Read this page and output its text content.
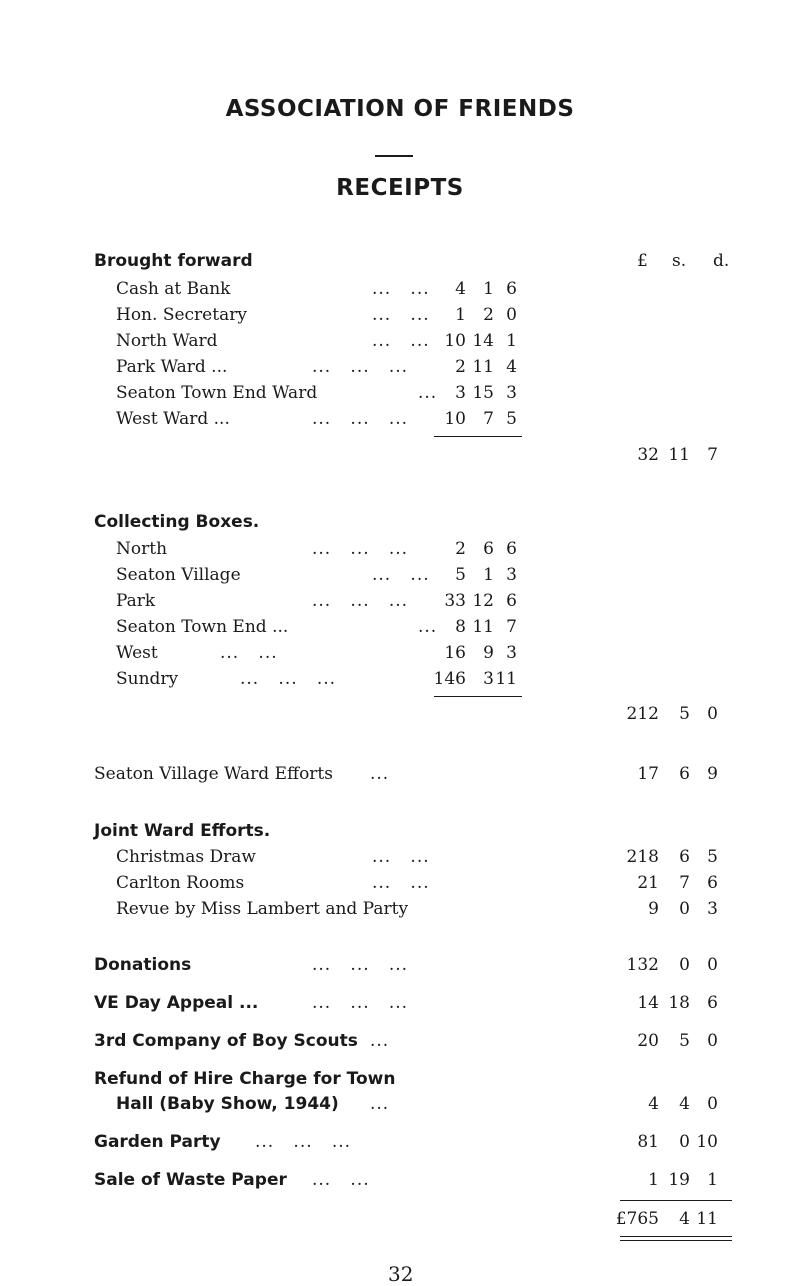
ASSOCIATION OF FRIENDS
RECEIPTS
£ s. d.
Brought forward
Cash at Bank	...   ... 4 1 6
Hon. Secretary	...   ... 1 2 0
North Ward	...   ... 10 14 1
Park Ward ...	...   ...   ...	2 11 4
Seaton Town End Ward	... 3 15 3
West Ward ...	...   ...   ... 10 7 5
32 11 7
Collecting Boxes.
North	...   ...   ...	2 6 6
Seaton Village	...   ... 5 1 3
Park	...   ...   ... 33 12 6
Seaton Town End ...	... 8 11 7
West	...   ...	16 9 3
Sundry	...   ...   ...	146 3 11
212 5 0
Seaton Village Ward Efforts ...	17 6 9
Joint Ward Efforts.
Christmas Draw	...   ...	218 6 5
Carlton Rooms	...   ...	21 7 6
Revue by Miss Lambert and Party	9 0 3
Donations	...   ...   ...	132 0 0
VE Day Appeal ...	...   ...   ...	14 18 6
3rd Company of Boy Scouts ...	20 5 0
Refund of Hire Charge for Town
Hall (Baby Show, 1944) ...	4 4 0
Garden Party ...   ...   ...	81 0 10
Sale of Waste Paper ...   ...	1 19 1
£765 4 11
32
